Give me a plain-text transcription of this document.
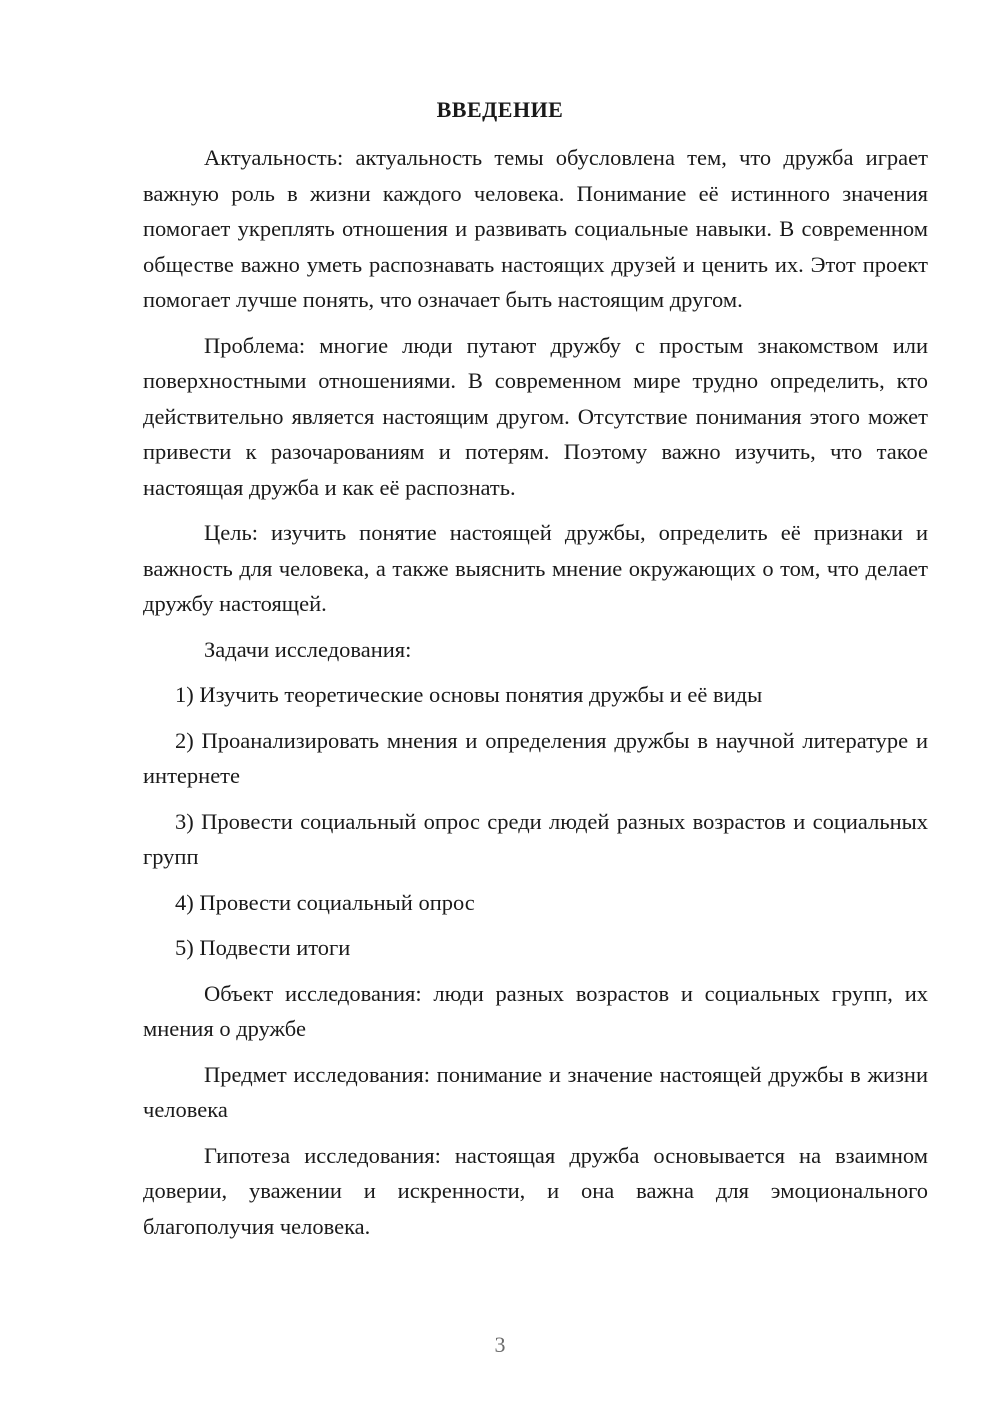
ВВЕДЕНИЕ

Актуальность: актуальность темы обусловлена тем, что дружба играет важную роль в жизни каждого человека. Понимание её истинного значения помогает укреплять отношения и развивать социальные навыки. В современном обществе важно уметь распознавать настоящих друзей и ценить их. Этот проект помогает лучше понять, что означает быть настоящим другом.

Проблема: многие люди путают дружбу с простым знакомством или поверхностными отношениями. В современном мире трудно определить, кто действительно является настоящим другом. Отсутствие понимания этого может привести к разочарованиям и потерям. Поэтому важно изучить, что такое настоящая дружба и как её распознать.

Цель: изучить понятие настоящей дружбы, определить её признаки и важность для человека, а также выяснить мнение окружающих о том, что делает дружбу настоящей.

Задачи исследования:

1) Изучить теоретические основы понятия дружбы и её виды

2) Проанализировать мнения и определения дружбы в научной литературе и интернете

3) Провести социальный опрос среди людей разных возрастов и социальных групп

4) Провести социальный опрос

5) Подвести итоги

Объект исследования: люди разных возрастов и социальных групп, их мнения о дружбе

Предмет исследования: понимание и значение настоящей дружбы в жизни человека

Гипотеза исследования: настоящая дружба основывается на взаимном доверии, уважении и искренности, и она важна для эмоционального благополучия человека.

3
